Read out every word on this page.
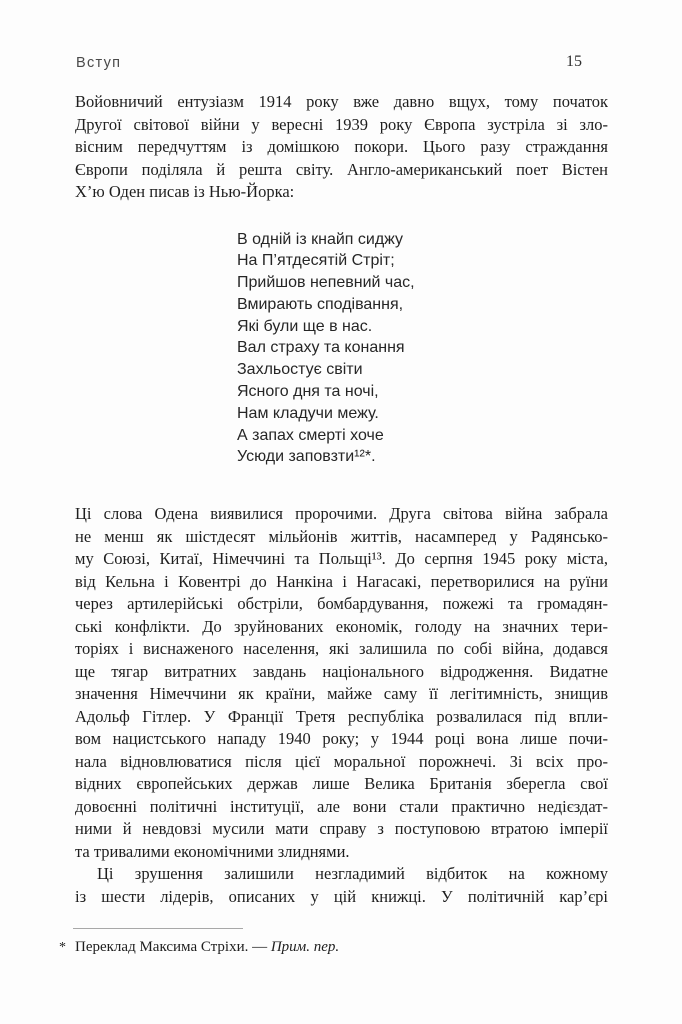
Вступ	15
Войовничий ентузіазм 1914 року вже давно вщух, тому початок
Другої світової війни у вересні 1939 року Європа зустріла зі зло-
вісним передчуттям із домішкою покори. Цього разу страждання
Європи поділяла й решта світу. Англо-американський поет Вістен
Х’ю Оден писав із Нью-Йорка:
В одній із кнайп сиджу
На П’ятдесятій Стріт;
Прийшов непевний час,
Вмирають сподівання,
Які були ще в нас.
Вал страху та конання
Захльостує світи
Ясного дня та ночі,
Нам кладучи межу.
А запах смерті хоче
Усюди заповзти¹²*.
Ці слова Одена виявилися пророчими. Друга світова війна забрала
не менш як шістдесят мільйонів життів, насамперед у Радянсько-
му Союзі, Китаї, Німеччині та Польщі¹³. До серпня 1945 року міста,
від Кельна і Ковентрі до Нанкіна і Нагасакі, перетворилися на руїни
через артилерійські обстріли, бомбардування, пожежі та громадян-
ські конфлікти. До зруйнованих економік, голоду на значних тери-
торіях і виснаженого населення, які залишила по собі війна, додався
ще тягар витратних завдань національного відродження. Видатне
значення Німеччини як країни, майже саму її легітимність, знищив
Адольф Гітлер. У Франції Третя республіка розвалилася під впли-
вом нацистського нападу 1940 року; у 1944 році вона лише почи-
нала відновлюватися після цієї моральної порожнечі. Зі всіх про-
відних європейських держав лише Велика Британія зберегла свої
довоєнні політичні інституції, але вони стали практично недієздат-
ними й невдовзі мусили мати справу з поступовою втратою імперії
та тривалими економічними злиднями.
Ці зрушення залишили незгладимий відбиток на кожному
із шести лідерів, описаних у цій книжці. У політичній кар’єрі
* Переклад Максима Стріхи. — Прим. пер.
